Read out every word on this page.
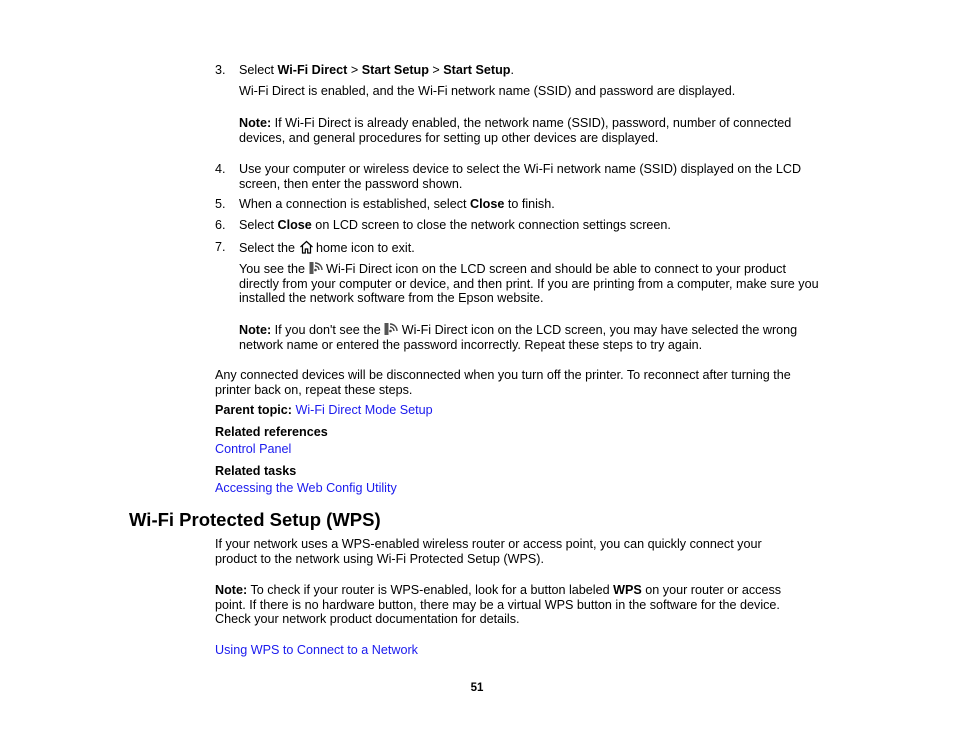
3. Select Wi-Fi Direct > Start Setup > Start Setup.
Wi-Fi Direct is enabled, and the Wi-Fi network name (SSID) and password are displayed.
Note: If Wi-Fi Direct is already enabled, the network name (SSID), password, number of connected devices, and general procedures for setting up other devices are displayed.
4. Use your computer or wireless device to select the Wi-Fi network name (SSID) displayed on the LCD screen, then enter the password shown.
5. When a connection is established, select Close to finish.
6. Select Close on LCD screen to close the network connection settings screen.
7. Select the  home icon to exit.
You see the  Wi-Fi Direct icon on the LCD screen and should be able to connect to your product directly from your computer or device, and then print. If you are printing from a computer, make sure you installed the network software from the Epson website.
Note: If you don't see the  Wi-Fi Direct icon on the LCD screen, you may have selected the wrong network name or entered the password incorrectly. Repeat these steps to try again.
Any connected devices will be disconnected when you turn off the printer. To reconnect after turning the printer back on, repeat these steps.
Parent topic: Wi-Fi Direct Mode Setup
Related references
Control Panel
Related tasks
Accessing the Web Config Utility
Wi-Fi Protected Setup (WPS)
If your network uses a WPS-enabled wireless router or access point, you can quickly connect your product to the network using Wi-Fi Protected Setup (WPS).
Note: To check if your router is WPS-enabled, look for a button labeled WPS on your router or access point. If there is no hardware button, there may be a virtual WPS button in the software for the device. Check your network product documentation for details.
Using WPS to Connect to a Network
51
